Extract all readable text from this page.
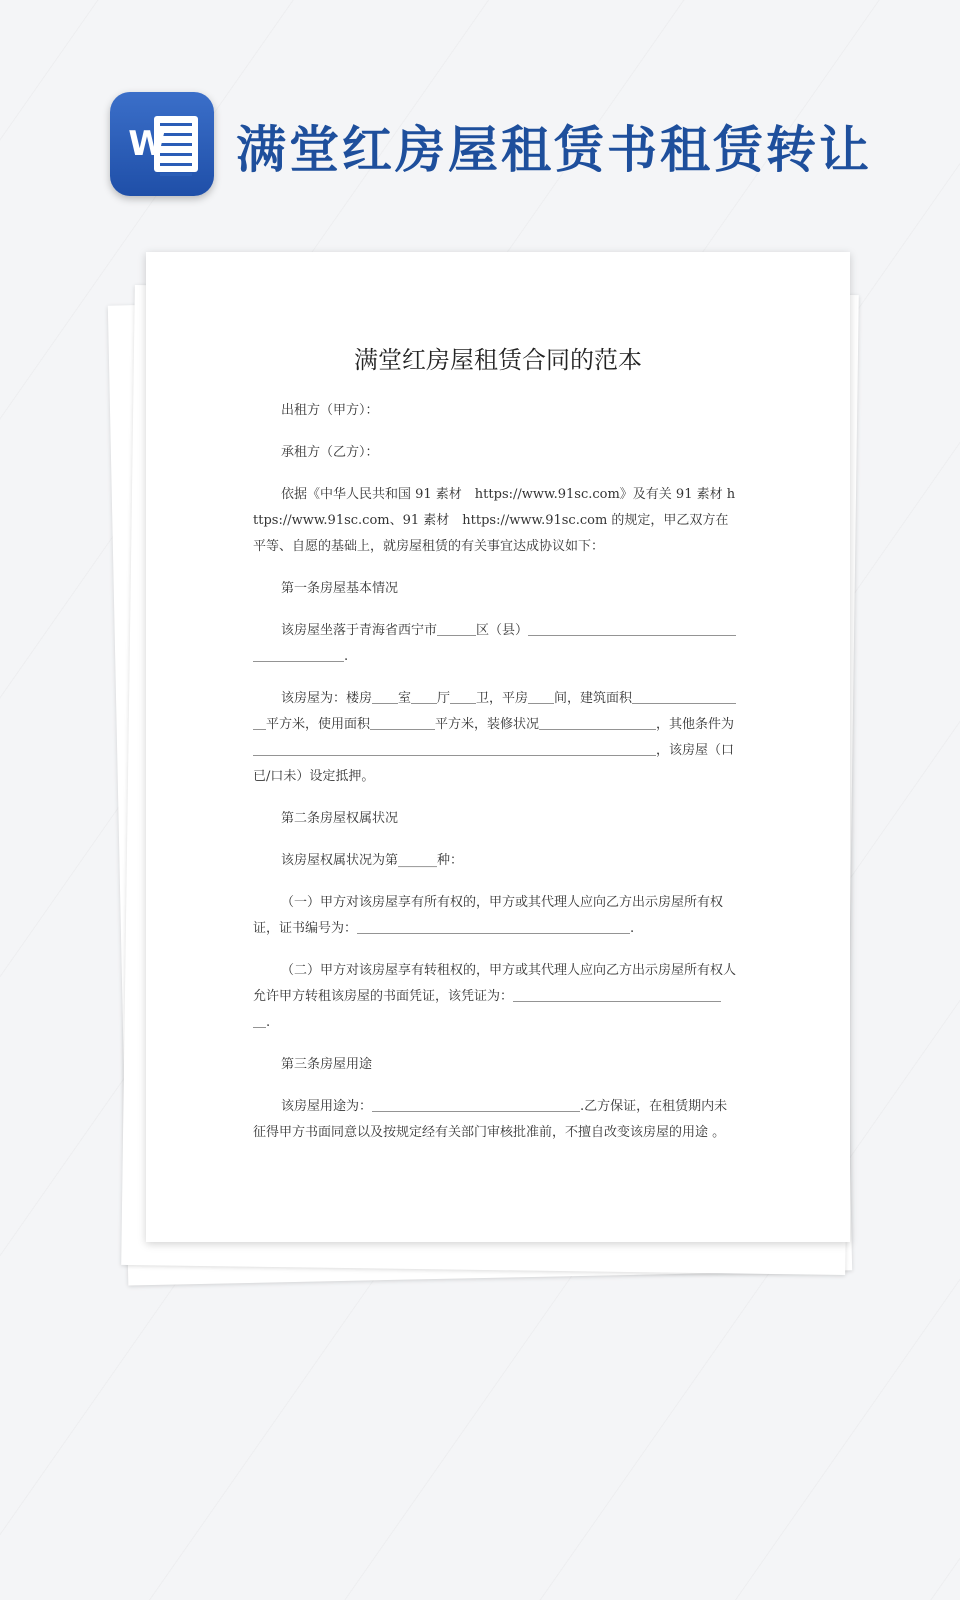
W 满堂红房屋租赁书租赁转让
满堂红房屋租赁合同的范本

出租方（甲方）：

承租方（乙方）：

依据《中华人民共和国 91 素材　https://www.91sc.com》及有关 91 素材 https://www.91sc.com、91 素材　https://www.91sc.com 的规定，甲乙双方在平等、自愿的基础上，就房屋租赁的有关事宜达成协议如下：

第一条房屋基本情况

该房屋坐落于青海省西宁市＿＿＿区（县）＿＿＿＿＿＿＿＿＿＿＿＿＿＿＿＿＿＿＿＿＿＿＿.

该房屋为：楼房＿＿室＿＿厅＿＿卫，平房＿＿间，建筑面积＿＿＿＿＿＿＿＿＿平方米，使用面积＿＿＿＿＿平方米，装修状况＿＿＿＿＿＿＿＿＿，其他条件为＿＿＿＿＿＿＿＿＿＿＿＿＿＿＿＿＿＿＿＿＿＿＿＿＿＿＿＿＿＿＿，该房屋（口已/口未）设定抵押。

第二条房屋权属状况

该房屋权属状况为第______种：

（一）甲方对该房屋享有所有权的，甲方或其代理人应向乙方出示房屋所有权证，证书编号为：＿＿＿＿＿＿＿＿＿＿＿＿＿＿＿＿＿＿＿＿＿.

（二）甲方对该房屋享有转租权的，甲方或其代理人应向乙方出示房屋所有权人允许甲方转租该房屋的书面凭证，该凭证为：＿＿＿＿＿＿＿＿＿＿＿＿＿＿＿＿＿.

第三条房屋用途

该房屋用途为：＿＿＿＿＿＿＿＿＿＿＿＿＿＿＿＿.乙方保证，在租赁期内未征得甲方书面同意以及按规定经有关部门审核批准前，不擅自改变该房屋的用途 。
